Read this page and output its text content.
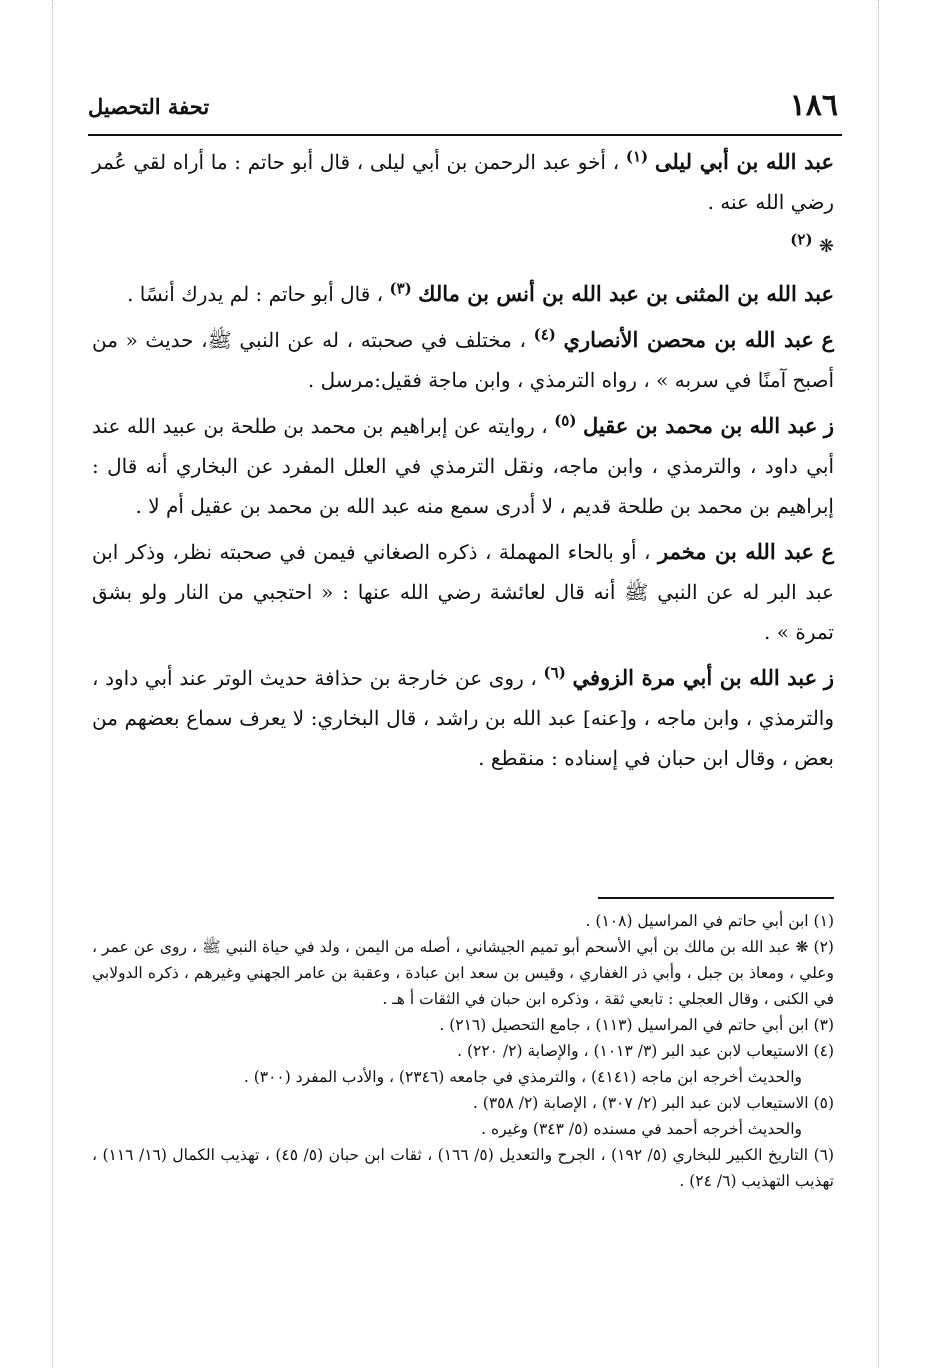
١٨٦
تحفة التحصيل

عبد الله بن أبي ليلى $^{(١)}$ ، أخو عبد الرحمن بن أبي ليلى ، قال أبو حاتم : ما أراه لقي عُمر رضي الله عنه .

❋ $^{(٢)}$

عبد الله بن المثنى بن عبد الله بن أنس بن مالك $^{(٣)}$ ، قال أبو حاتم : لم يدرك أنسًا .

ع عبد الله بن محصن الأنصاري $^{(٤)}$ ، مختلف في صحبته ، له عن النبي ﷺ، حديث « من أصبح آمنًا في سربه » ، رواه الترمذي ، وابن ماجة فقيل:مرسل .

ز عبد الله بن محمد بن عقيل $^{(٥)}$ ، روايته عن إبراهيم بن محمد بن طلحة بن عبيد الله عند أبي داود ، والترمذي ، وابن ماجه، ونقل الترمذي في العلل المفرد عن البخاري أنه قال : إبراهيم بن محمد بن طلحة قديم ، لا أدرى سمع منه عبد الله بن محمد بن عقيل أم لا .

ع عبد الله بن مخمر ، أو بالحاء المهملة ، ذكره الصغاني فيمن في صحبته نظر، وذكر ابن عبد البر له عن النبي ﷺ أنه قال لعائشة رضي الله عنها : « احتجبي من النار ولو بشق تمرة » .

ز عبد الله بن أبي مرة الزوفي $^{(٦)}$ ، روى عن خارجة بن حذافة حديث الوتر عند أبي داود ، والترمذي ، وابن ماجه ، و[عنه] عبد الله بن راشد ، قال البخاري: لا يعرف سماع بعضهم من بعض ، وقال ابن حبان في إسناده : منقطع .

(١) ابن أبي حاتم في المراسيل (١٠٨) .

(٢) ❋ عبد الله بن مالك بن أبي الأسحم أبو تميم الجيشاني ، أصله من اليمن ، ولد في حياة النبي ﷺ ، روى عن عمر ، وعلي ، ومعاذ بن جبل ، وأبي ذر الغفاري ، وقيس بن سعد ابن عبادة ، وعقبة بن عامر الجهني وغيرهم ، ذكره الدولابي في الكنى ، وقال العجلي : تابعي ثقة ، وذكره ابن حبان في الثقات أ هـ .

(٣) ابن أبي حاتم في المراسيل (١١٣) ، جامع التحصيل (٢١٦) .

(٤) الاستيعاب لابن عبد البر (٣/ ١٠١٣) ، والإصابة (٢/ ٢٢٠) .

والحديث أخرجه ابن ماجه (٤١٤١) ، والترمذي في جامعه (٢٣٤٦) ، والأدب المفرد (٣٠٠) .

(٥) الاستيعاب لابن عبد البر (٢/ ٣٠٧) ، الإصابة (٢/ ٣٥٨) .

والحديث أخرجه أحمد في مسنده (٥/ ٣٤٣) وغيره .

(٦) التاريخ الكبير للبخاري (٥/ ١٩٢) ، الجرح والتعديل (٥/ ١٦٦) ، ثقات ابن حبان (٥/ ٤٥) ، تهذيب الكمال (١٦/ ١١٦) ، تهذيب التهذيب (٦/ ٢٤) .
